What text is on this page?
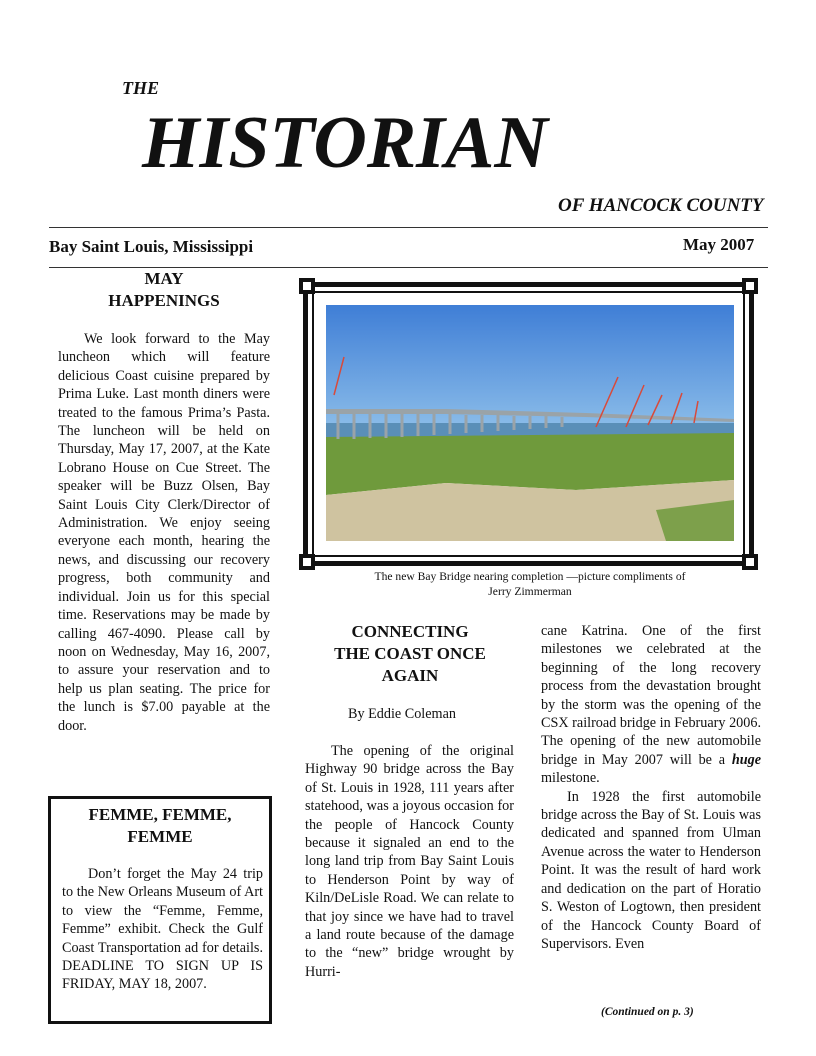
THE
HISTORIAN
OF HANCOCK COUNTY
Bay Saint Louis, Mississippi	May 2007
MAY
HAPPENINGS

We look forward to the May luncheon which will feature delicious Coast cuisine prepared by Prima Luke. Last month diners were treated to the famous Prima’s Pasta. The luncheon will be held on Thursday, May 17, 2007, at the Kate Lobrano House on Cue Street. The speaker will be Buzz Olsen, Bay Saint Louis City Clerk/Director of Administration. We enjoy seeing everyone each month, hearing the news, and discussing our recovery progress, both community and individual. Join us for this special time. Reservations may be made by calling 467-4090. Please call by noon on Wednesday, May 16, 2007, to assure your reservation and to help us plan seating. The price for the lunch is $7.00 payable at the door.

FEMME, FEMME,
FEMME

Don’t forget the May 24 trip to the New Orleans Museum of Art to view the “Femme, Femme, Femme” exhibit. Check the Gulf Coast Transportation ad for details. DEADLINE TO SIGN UP IS FRIDAY, MAY 18, 2007.

The new Bay Bridge nearing completion —picture compliments of
Jerry Zimmerman
CONNECTING
THE COAST ONCE
AGAIN
By Eddie Coleman

The opening of the original Highway 90 bridge across the Bay of St. Louis in 1928, 111 years after statehood, was a joyous occasion for the people of Hancock County because it signaled an end to the long land trip from Bay Saint Louis to Henderson Point by way of Kiln/DeLisle Road. We can relate to that joy since we have had to travel a land route because of the damage to the “new” bridge wrought by Hurri-

cane Katrina. One of the first milestones we celebrated at the beginning of the long recovery process from the devastation brought by the storm was the opening of the CSX railroad bridge in February 2006. The opening of the new automobile bridge in May 2007 will be a huge milestone.

In 1928 the first automobile bridge across the Bay of St. Louis was dedicated and spanned from Ulman Avenue across the water to Henderson Point. It was the result of hard work and dedication on the part of Horatio S. Weston of Logtown, then president of the Hancock County Board of Supervisors. Even

(Continued on p. 3)
